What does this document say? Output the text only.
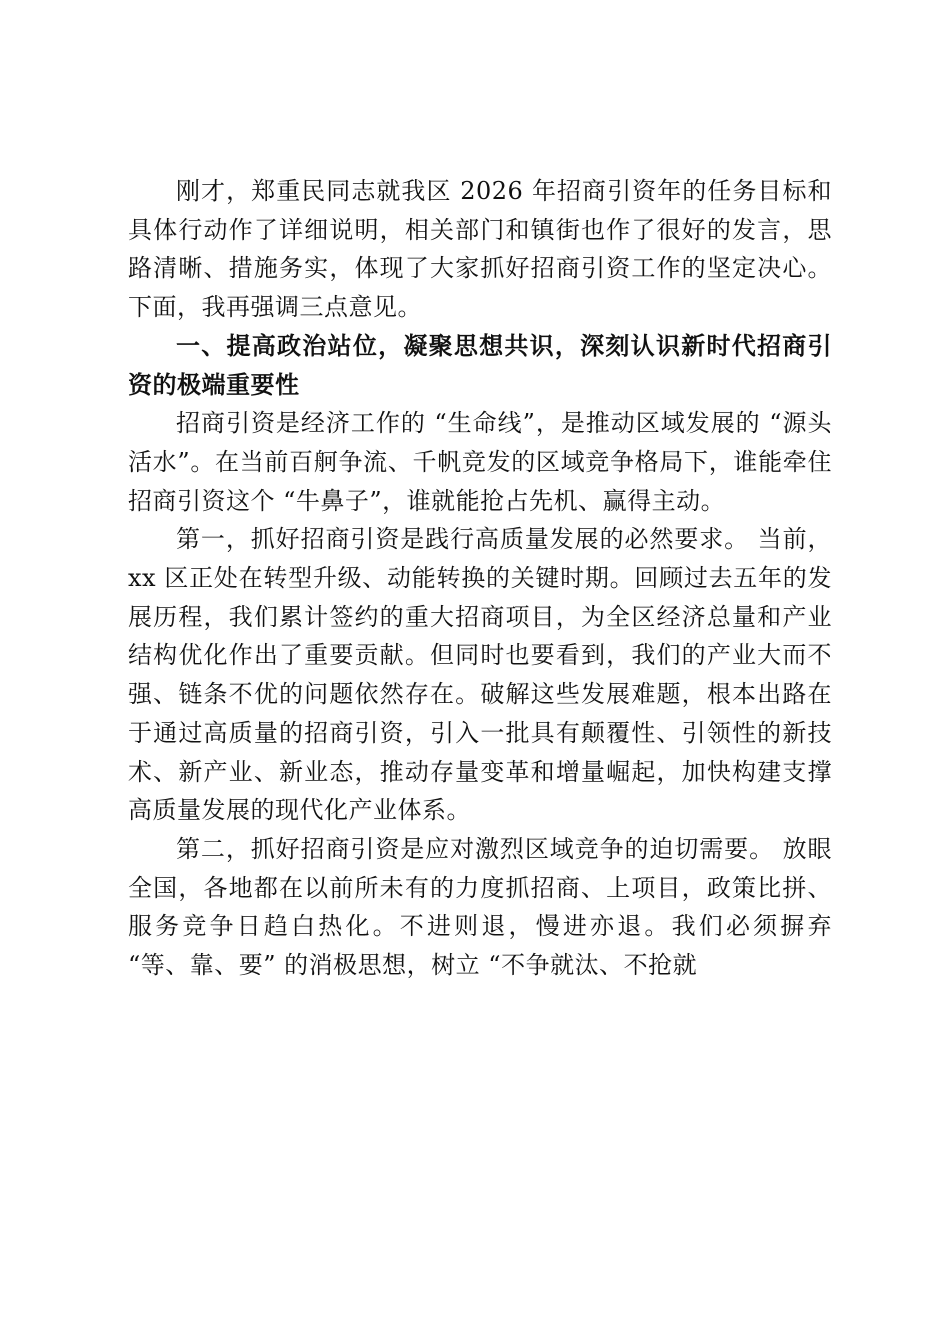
刚才，郑重民同志就我区 2026 年招商引资年的任务目标和具体行动作了详细说明，相关部门和镇街也作了很好的发言，思路清晰、措施务实，体现了大家抓好招商引资工作的坚定决心。下面，我再强调三点意见。

一、提高政治站位，凝聚思想共识，深刻认识新时代招商引资的极端重要性

招商引资是经济工作的 “生命线”，是推动区域发展的 “源头活水”。在当前百舸争流、千帆竞发的区域竞争格局下，谁能牵住招商引资这个 “牛鼻子”，谁就能抢占先机、赢得主动。

第一，抓好招商引资是践行高质量发展的必然要求。 当前，xx 区正处在转型升级、动能转换的关键时期。回顾过去五年的发展历程，我们累计签约的重大招商项目，为全区经济总量和产业结构优化作出了重要贡献。但同时也要看到，我们的产业大而不强、链条不优的问题依然存在。破解这些发展难题，根本出路在于通过高质量的招商引资，引入一批具有颠覆性、引领性的新技术、新产业、新业态，推动存量变革和增量崛起，加快构建支撑高质量发展的现代化产业体系。

第二，抓好招商引资是应对激烈区域竞争的迫切需要。 放眼全国，各地都在以前所未有的力度抓招商、上项目，政策比拼、服务竞争日趋白热化。不进则退，慢进亦退。我们必须摒弃 “等、靠、要” 的消极思想，树立 “不争就汰、不抢就
